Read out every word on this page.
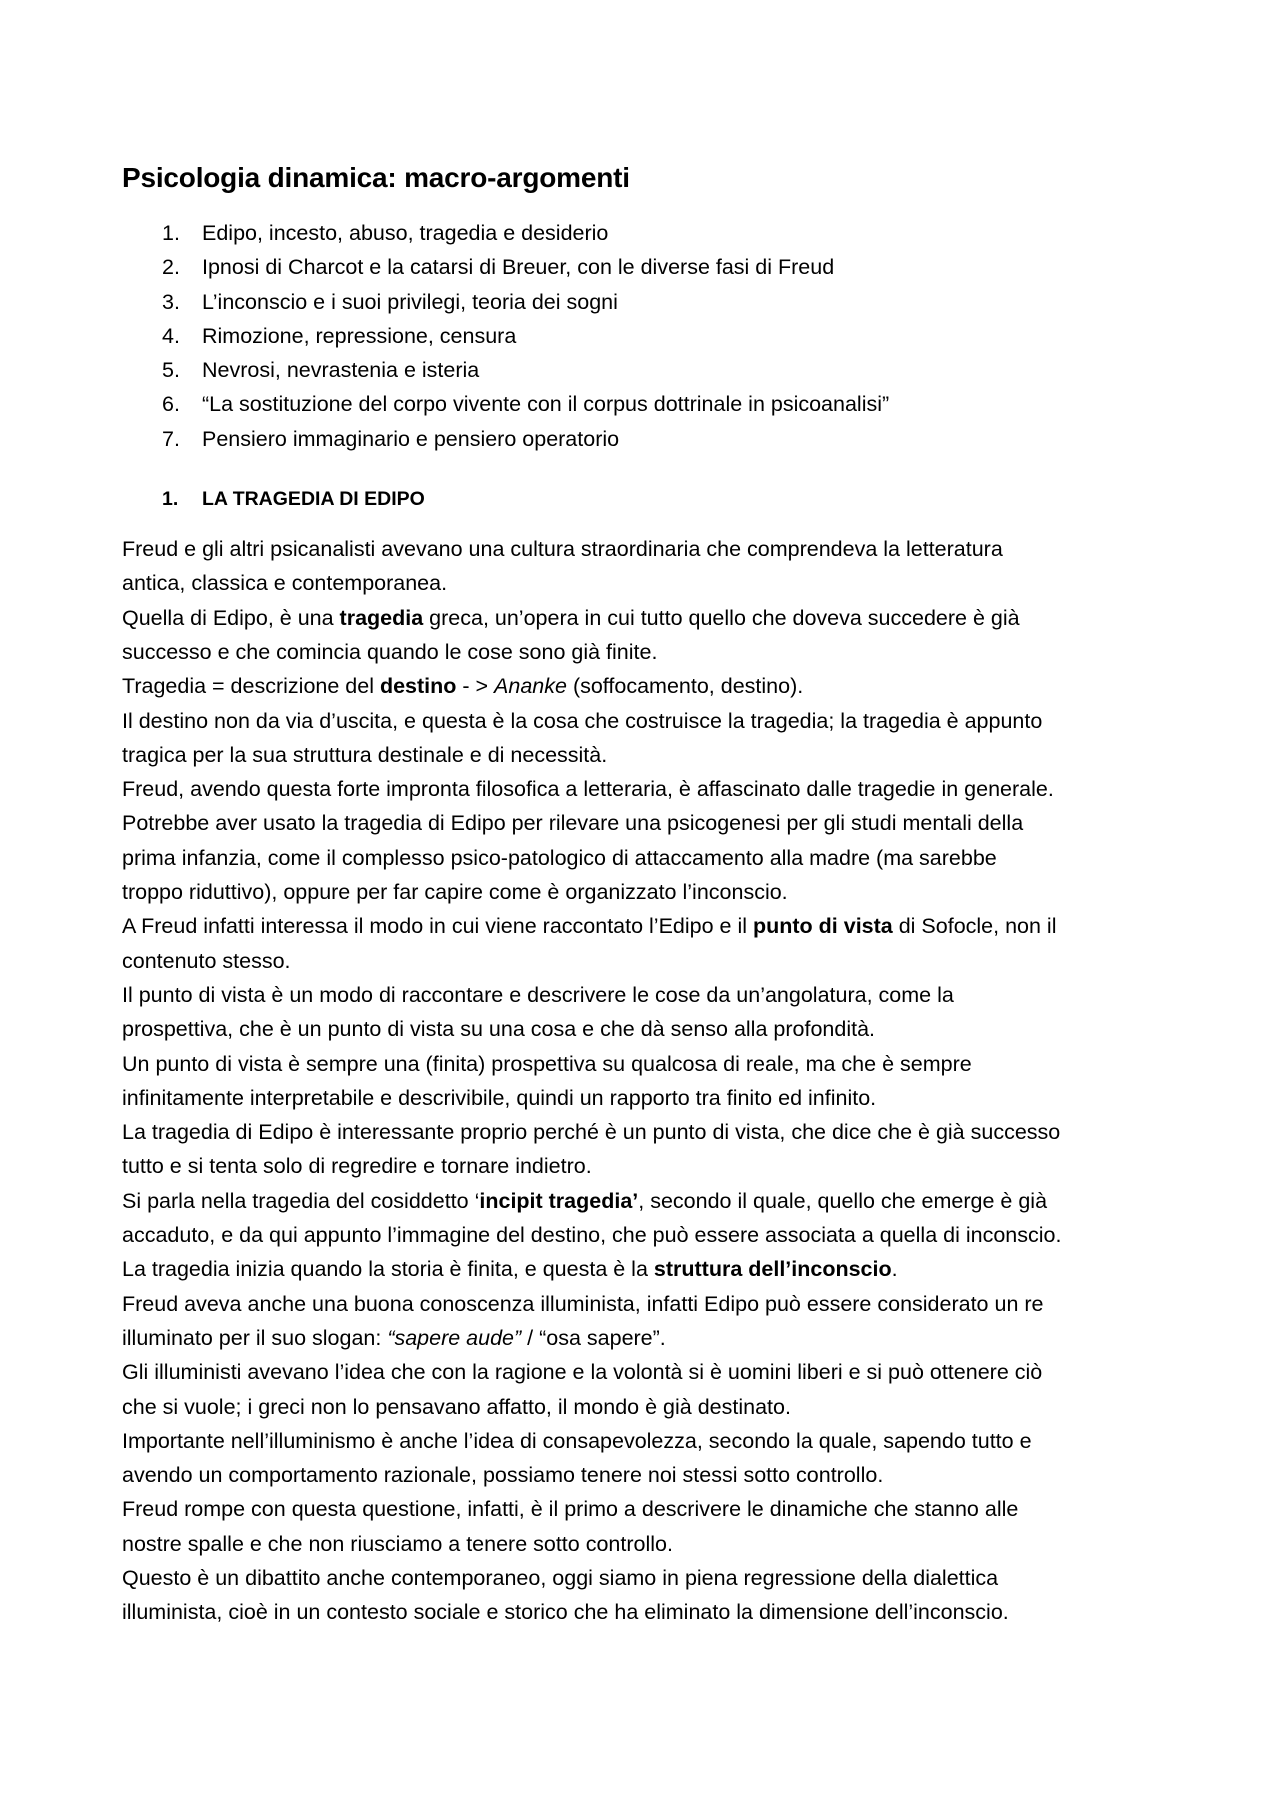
Psicologia dinamica: macro-argomenti
1.	Edipo, incesto, abuso, tragedia e desiderio
2.	Ipnosi di Charcot e la catarsi di Breuer, con le diverse fasi di Freud
3.	L’inconscio e i suoi privilegi, teoria dei sogni
4.	Rimozione, repressione, censura
5.	Nevrosi, nevrastenia e isteria
6.	“La sostituzione del corpo vivente con il corpus dottrinale in psicoanalisi”
7.	Pensiero immaginario e pensiero operatorio
1.	LA TRAGEDIA DI EDIPO
Freud e gli altri psicanalisti avevano una cultura straordinaria che comprendeva la letteratura
antica, classica e contemporanea.
Quella di Edipo, è una tragedia greca, un’opera in cui tutto quello che doveva succedere è già
successo e che comincia quando le cose sono già finite.
Tragedia = descrizione del destino - > Ananke (soffocamento, destino).
Il destino non da via d’uscita, e questa è la cosa che costruisce la tragedia; la tragedia è appunto
tragica per la sua struttura destinale e di necessità.
Freud, avendo questa forte impronta filosofica a letteraria, è affascinato dalle tragedie in generale.
Potrebbe aver usato la tragedia di Edipo per rilevare una psicogenesi per gli studi mentali della
prima infanzia, come il complesso psico-patologico di attaccamento alla madre (ma sarebbe
troppo riduttivo), oppure per far capire come è organizzato l’inconscio.
A Freud infatti interessa il modo in cui viene raccontato l’Edipo e il punto di vista di Sofocle, non il
contenuto stesso.
Il punto di vista è un modo di raccontare e descrivere le cose da un’angolatura, come la
prospettiva, che è un punto di vista su una cosa e che dà senso alla profondità.
Un punto di vista è sempre una (finita) prospettiva su qualcosa di reale, ma che è sempre
infinitamente interpretabile e descrivibile, quindi un rapporto tra finito ed infinito.
La tragedia di Edipo è interessante proprio perché è un punto di vista, che dice che è già successo
tutto e si tenta solo di regredire e tornare indietro.
Si parla nella tragedia del cosiddetto ‘incipit tragedia’, secondo il quale, quello che emerge è già
accaduto, e da qui appunto l’immagine del destino, che può essere associata a quella di inconscio.
La tragedia inizia quando la storia è finita, e questa è la struttura dell’inconscio.
Freud aveva anche una buona conoscenza illuminista, infatti Edipo può essere considerato un re
illuminato per il suo slogan: “sapere aude” / “osa sapere”.
Gli illuministi avevano l’idea che con la ragione e la volontà si è uomini liberi e si può ottenere ciò
che si vuole; i greci non lo pensavano affatto, il mondo è già destinato.
Importante nell’illuminismo è anche l’idea di consapevolezza, secondo la quale, sapendo tutto e
avendo un comportamento razionale, possiamo tenere noi stessi sotto controllo.
Freud rompe con questa questione, infatti, è il primo a descrivere le dinamiche che stanno alle
nostre spalle e che non riusciamo a tenere sotto controllo.
Questo è un dibattito anche contemporaneo, oggi siamo in piena regressione della dialettica
illuminista, cioè in un contesto sociale e storico che ha eliminato la dimensione dell’inconscio.
